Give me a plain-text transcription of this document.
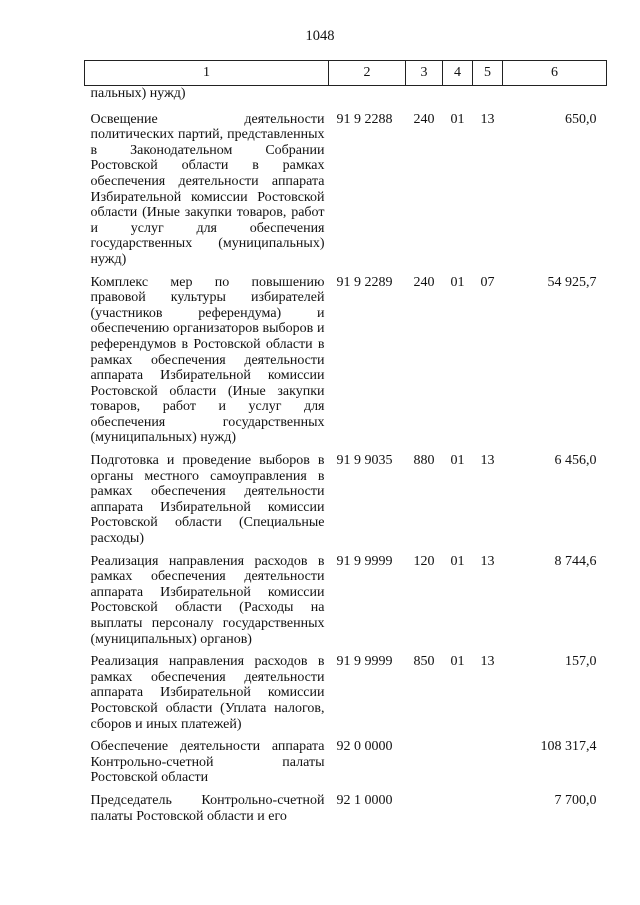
1048
1	2	3	4	5	6
пальных) нужд)					
Освещение деятельности политических партий, представленных в Законодательном Собрании Ростовской области в рамках обеспечения деятельности аппарата Избирательной комиссии Ростовской области (Иные закупки товаров, работ и услуг для обеспечения государственных (муниципальных) нужд)	91 9 2288	240	01	13	650,0
Комплекс мер по повышению правовой культуры избирателей (участников референдума) и обеспечению организаторов выборов и референдумов в Ростовской области в рамках обеспечения деятельности аппарата Избирательной комиссии Ростовской области (Иные закупки товаров, работ и услуг для обеспечения государственных (муниципальных) нужд)	91 9 2289	240	01	07	54 925,7
Подготовка и проведение выборов в органы местного самоуправления в рамках обеспечения деятельности аппарата Избирательной комиссии Ростовской области (Специальные расходы)	91 9 9035	880	01	13	6 456,0
Реализация направления расходов в рамках обеспечения деятельности аппарата Избирательной комиссии Ростовской области (Расходы на выплаты персоналу государственных (муниципальных) органов)	91 9 9999	120	01	13	8 744,6
Реализация направления расходов в рамках обеспечения деятельности аппарата Избирательной комиссии Ростовской области (Уплата налогов, сборов и иных платежей)	91 9 9999	850	01	13	157,0
Обеспечение деятельности аппарата Контрольно-счетной палаты Ростовской области	92 0 0000				108 317,4
Председатель Контрольно-счетной палаты Ростовской области и его	92 1 0000				7 700,0
